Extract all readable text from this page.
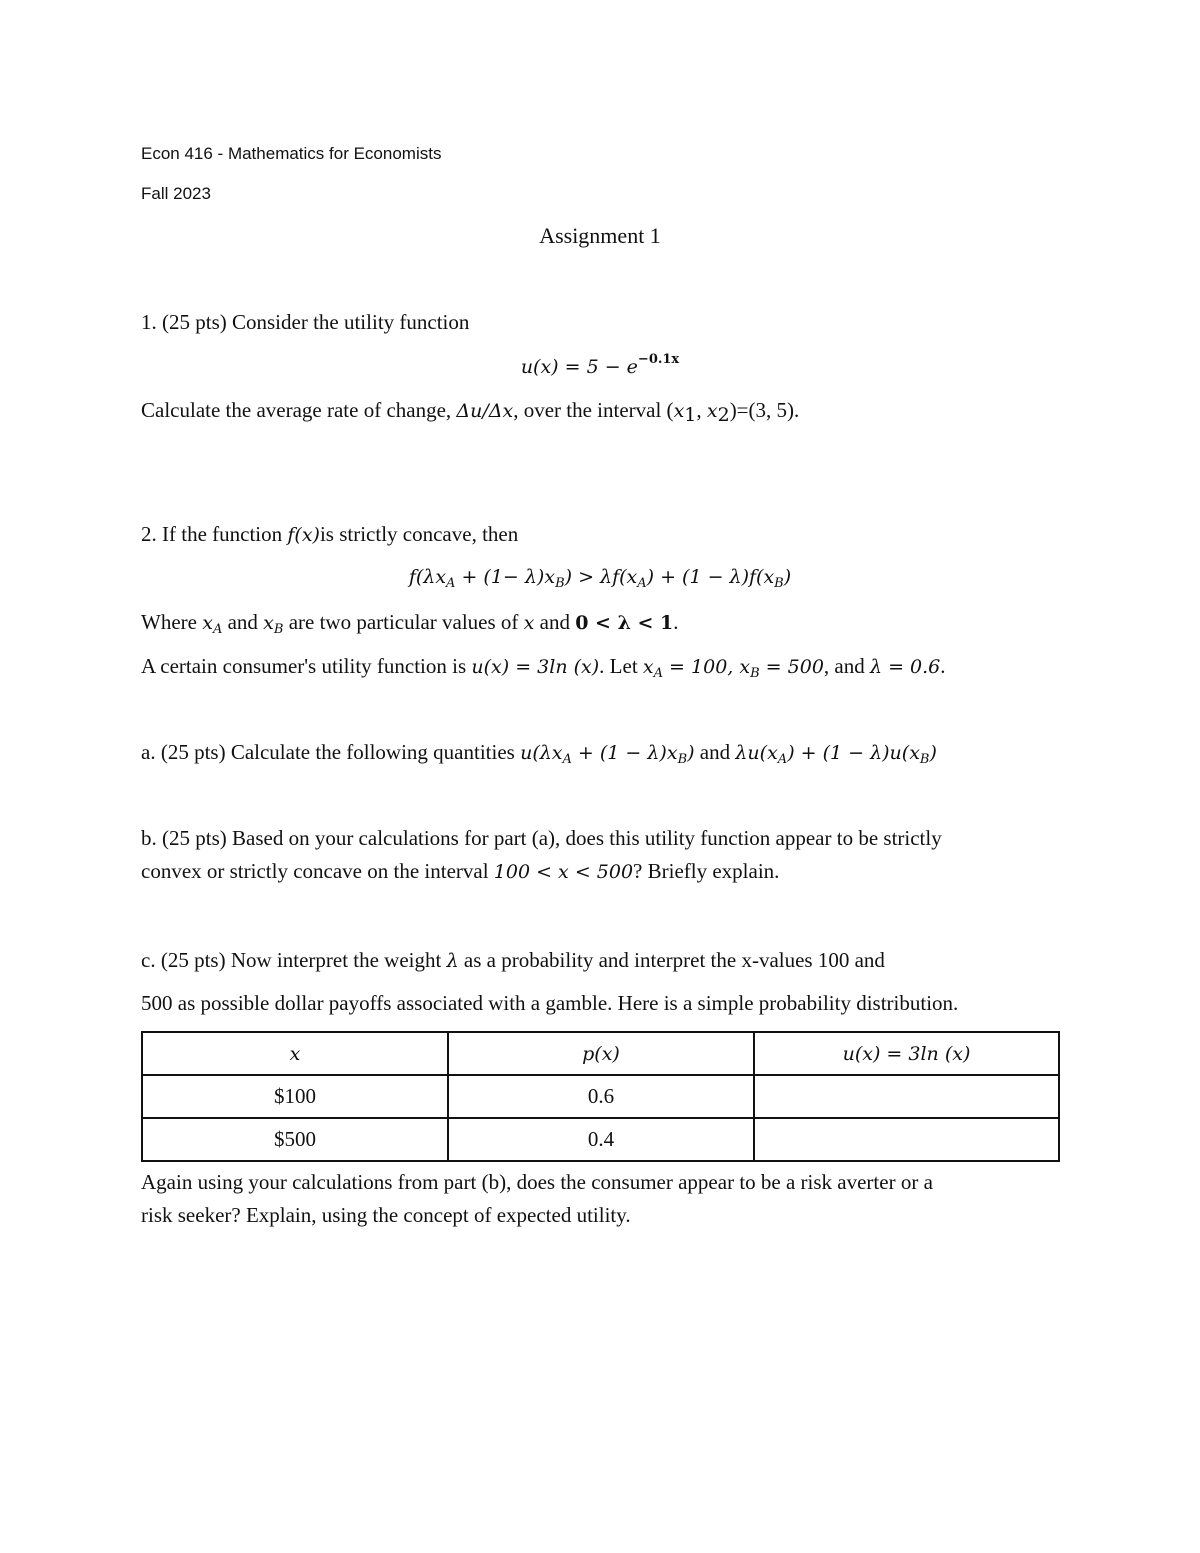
Econ 416 - Mathematics for Economists
Fall 2023
Assignment 1
1. (25 pts) Consider the utility function
$u(x) = 5 - e^{-0.1x}$
Calculate the average rate of change, Δu/Δx, over the interval ($x_1$, $x_2)=(3$, 5).
2. If the function f(x)is strictly concave, then
$f(\lambda x_A + (1- \lambda)x_B) > \lambda f(x_A) + (1 - \lambda)f(x_B)$
Where $x_A$ and $x_B$ are two particular values of x and 0 < λ < 1.
A certain consumer's utility function is u(x) = 3ln (x). Let $x_A = 100$, $x_B = 500$, and λ = 0.6.
a. (25 pts) Calculate the following quantities $u(\lambda x_A + (1 - \lambda)x_B)$ and $\lambda u(x_A) + (1 - \lambda)u(x_B)$
b. (25 pts) Based on your calculations for part (a), does this utility function appear to be strictly
convex or strictly concave on the interval 100 < x < 500? Briefly explain.
c. (25 pts) Now interpret the weight λ as a probability and interpret the x-values 100 and
500 as possible dollar payoffs associated with a gamble. Here is a simple probability distribution.
x	p(x)	u(x) = 3ln (x)
$100	0.6	
$500	0.4	
Again using your calculations from part (b), does the consumer appear to be a risk averter or a
risk seeker? Explain, using the concept of expected utility.
